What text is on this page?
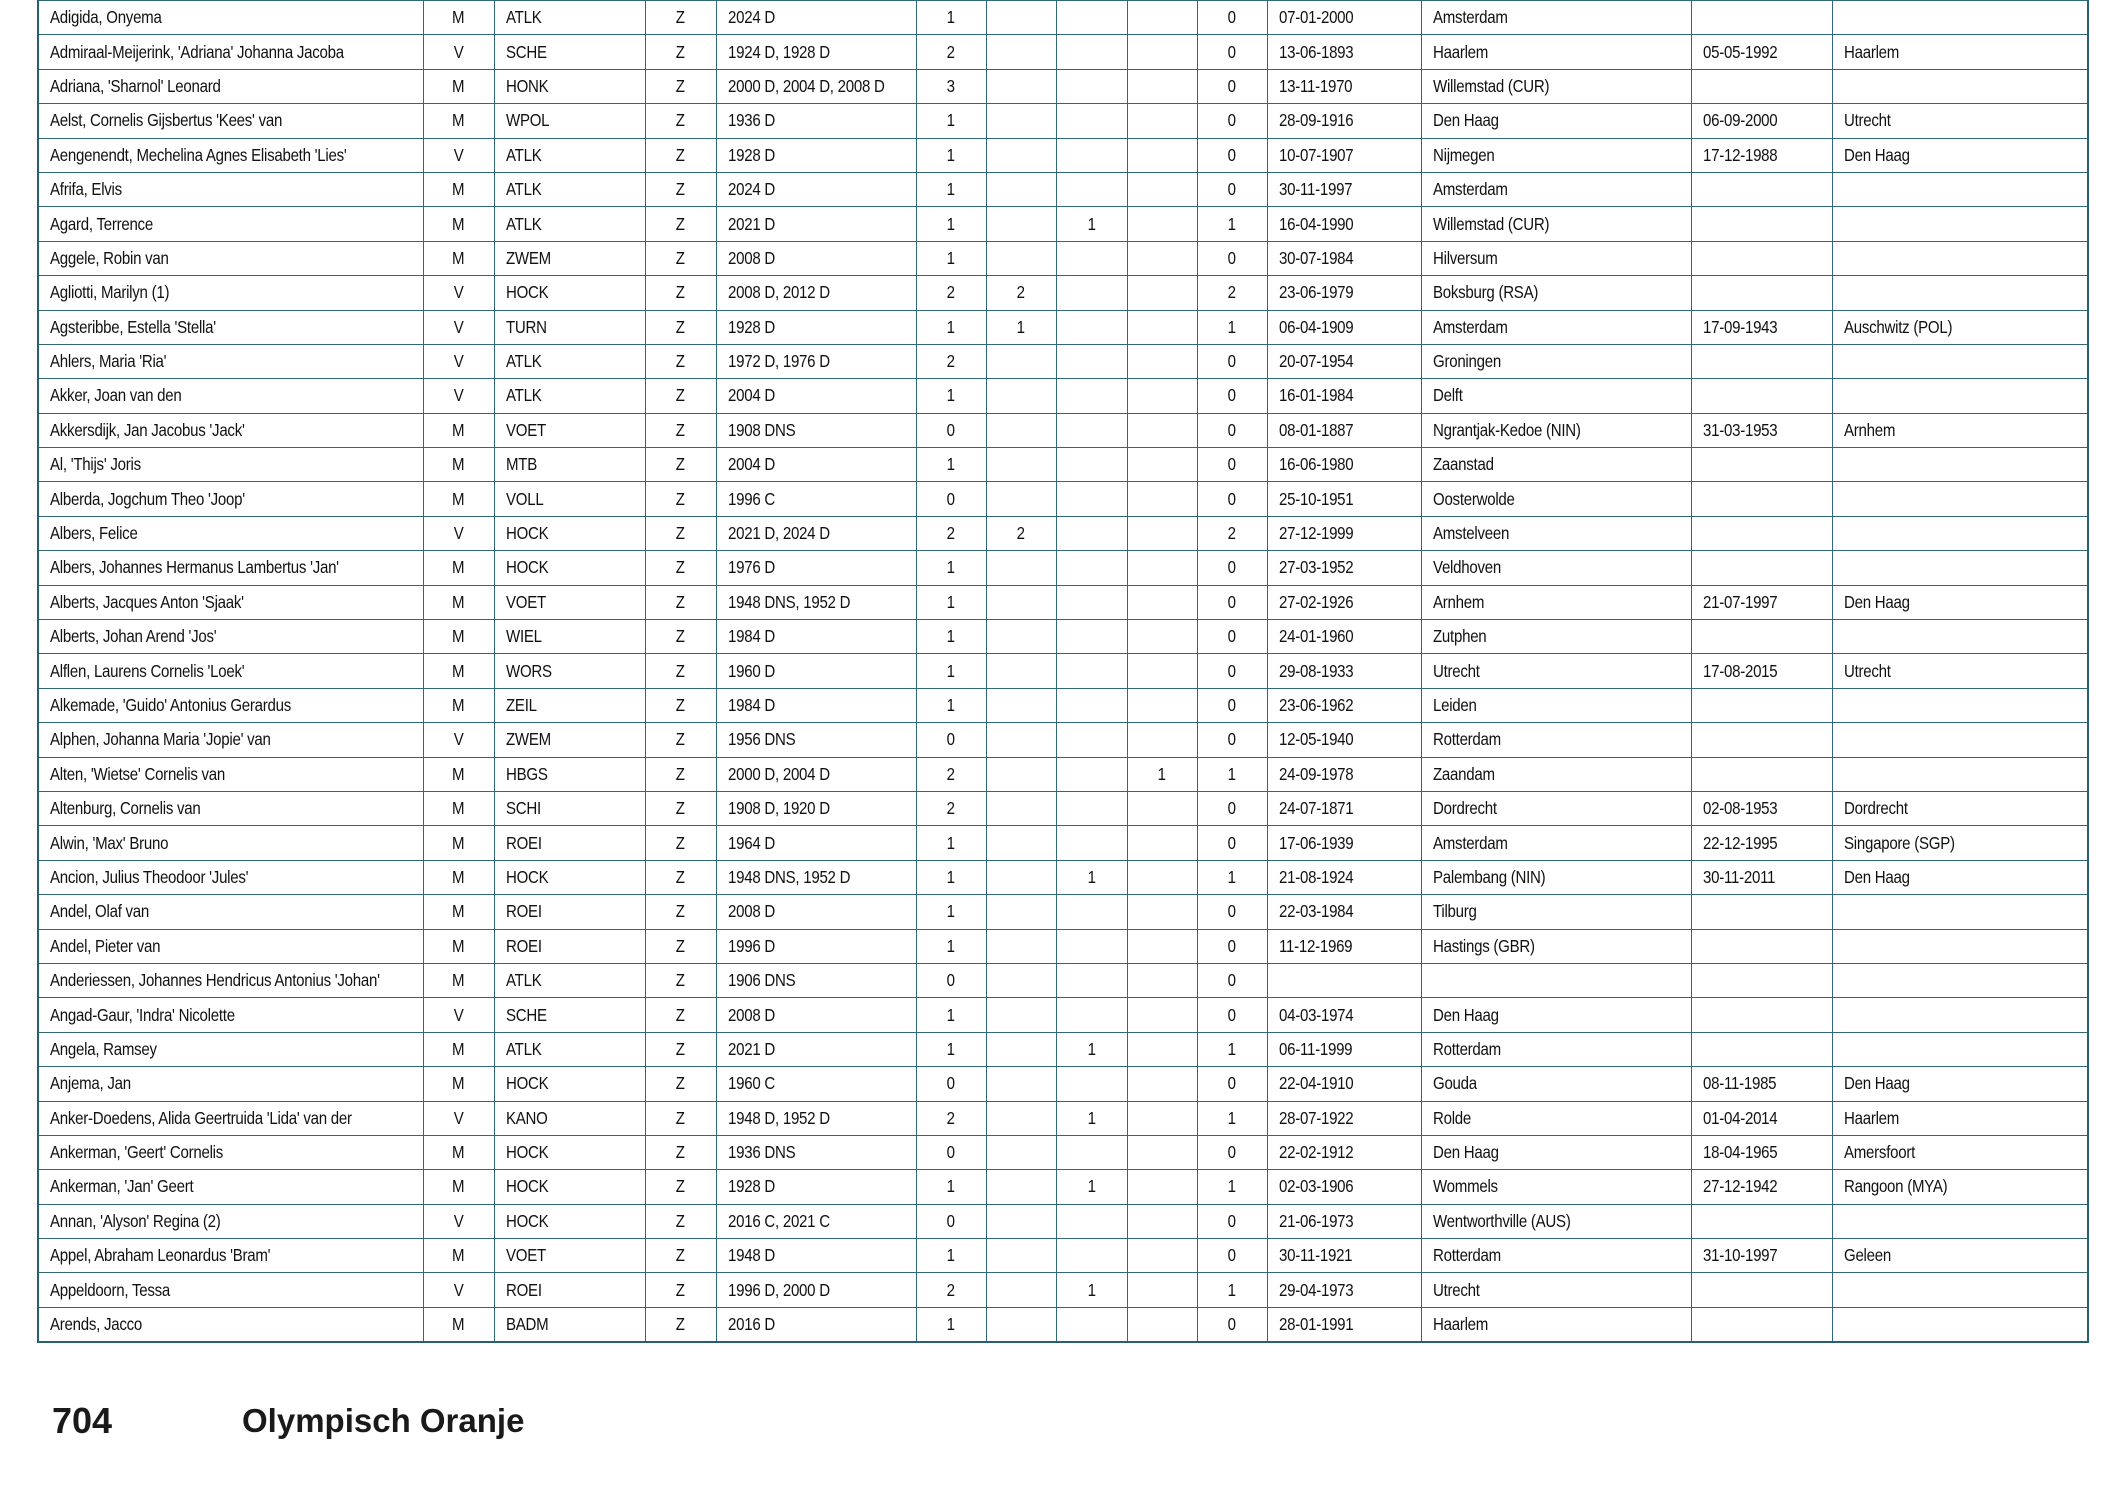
Adigida, Onyema	M	ATLK	Z	2024 D	1				0	07-01-2000	Amsterdam		
Admiraal-Meijerink, 'Adriana' Johanna Jacoba	V	SCHE	Z	1924 D, 1928 D	2				0	13-06-1893	Haarlem	05-05-1992	Haarlem
Adriana, 'Sharnol' Leonard	M	HONK	Z	2000 D, 2004 D, 2008 D	3				0	13-11-1970	Willemstad (CUR)		
Aelst, Cornelis Gijsbertus 'Kees' van	M	WPOL	Z	1936 D	1				0	28-09-1916	Den Haag	06-09-2000	Utrecht
Aengenendt, Mechelina Agnes Elisabeth 'Lies'	V	ATLK	Z	1928 D	1				0	10-07-1907	Nijmegen	17-12-1988	Den Haag
Afrifa, Elvis	M	ATLK	Z	2024 D	1				0	30-11-1997	Amsterdam		
Agard, Terrence	M	ATLK	Z	2021 D	1		1		1	16-04-1990	Willemstad (CUR)		
Aggele, Robin van	M	ZWEM	Z	2008 D	1				0	30-07-1984	Hilversum		
Agliotti, Marilyn (1)	V	HOCK	Z	2008 D, 2012 D	2	2			2	23-06-1979	Boksburg (RSA)		
Agsteribbe, Estella 'Stella'	V	TURN	Z	1928 D	1	1			1	06-04-1909	Amsterdam	17-09-1943	Auschwitz (POL)
Ahlers, Maria 'Ria'	V	ATLK	Z	1972 D, 1976 D	2				0	20-07-1954	Groningen		
Akker, Joan van den	V	ATLK	Z	2004 D	1				0	16-01-1984	Delft		
Akkersdijk, Jan Jacobus 'Jack'	M	VOET	Z	1908 DNS	0				0	08-01-1887	Ngrantjak-Kedoe (NIN)	31-03-1953	Arnhem
Al, 'Thijs' Joris	M	MTB	Z	2004 D	1				0	16-06-1980	Zaanstad		
Alberda, Jogchum Theo 'Joop'	M	VOLL	Z	1996 C	0				0	25-10-1951	Oosterwolde		
Albers, Felice	V	HOCK	Z	2021 D, 2024 D	2	2			2	27-12-1999	Amstelveen		
Albers, Johannes Hermanus Lambertus 'Jan'	M	HOCK	Z	1976 D	1				0	27-03-1952	Veldhoven		
Alberts, Jacques Anton 'Sjaak'	M	VOET	Z	1948 DNS, 1952 D	1				0	27-02-1926	Arnhem	21-07-1997	Den Haag
Alberts, Johan Arend 'Jos'	M	WIEL	Z	1984 D	1				0	24-01-1960	Zutphen		
Alflen, Laurens Cornelis 'Loek'	M	WORS	Z	1960 D	1				0	29-08-1933	Utrecht	17-08-2015	Utrecht
Alkemade, 'Guido' Antonius Gerardus	M	ZEIL	Z	1984 D	1				0	23-06-1962	Leiden		
Alphen, Johanna Maria 'Jopie' van	V	ZWEM	Z	1956 DNS	0				0	12-05-1940	Rotterdam		
Alten, 'Wietse' Cornelis van	M	HBGS	Z	2000 D, 2004 D	2			1	1	24-09-1978	Zaandam		
Altenburg, Cornelis van	M	SCHI	Z	1908 D, 1920 D	2				0	24-07-1871	Dordrecht	02-08-1953	Dordrecht
Alwin, 'Max' Bruno	M	ROEI	Z	1964 D	1				0	17-06-1939	Amsterdam	22-12-1995	Singapore (SGP)
Ancion, Julius Theodoor 'Jules'	M	HOCK	Z	1948 DNS, 1952 D	1		1		1	21-08-1924	Palembang (NIN)	30-11-2011	Den Haag
Andel, Olaf van	M	ROEI	Z	2008 D	1				0	22-03-1984	Tilburg		
Andel, Pieter van	M	ROEI	Z	1996 D	1				0	11-12-1969	Hastings (GBR)		
Anderiessen, Johannes Hendricus Antonius 'Johan'	M	ATLK	Z	1906 DNS	0				0				
Angad-Gaur, 'Indra' Nicolette	V	SCHE	Z	2008 D	1				0	04-03-1974	Den Haag		
Angela, Ramsey	M	ATLK	Z	2021 D	1		1		1	06-11-1999	Rotterdam		
Anjema, Jan	M	HOCK	Z	1960 C	0				0	22-04-1910	Gouda	08-11-1985	Den Haag
Anker-Doedens, Alida Geertruida 'Lida' van der	V	KANO	Z	1948 D, 1952 D	2		1		1	28-07-1922	Rolde	01-04-2014	Haarlem
Ankerman, 'Geert' Cornelis	M	HOCK	Z	1936 DNS	0				0	22-02-1912	Den Haag	18-04-1965	Amersfoort
Ankerman, 'Jan' Geert	M	HOCK	Z	1928 D	1		1		1	02-03-1906	Wommels	27-12-1942	Rangoon (MYA)
Annan, 'Alyson' Regina (2)	V	HOCK	Z	2016 C, 2021 C	0				0	21-06-1973	Wentworthville (AUS)		
Appel, Abraham Leonardus 'Bram'	M	VOET	Z	1948 D	1				0	30-11-1921	Rotterdam	31-10-1997	Geleen
Appeldoorn, Tessa	V	ROEI	Z	1996 D, 2000 D	2		1		1	29-04-1973	Utrecht		
Arends, Jacco	M	BADM	Z	2016 D	1				0	28-01-1991	Haarlem		
704	Olympisch Oranje
